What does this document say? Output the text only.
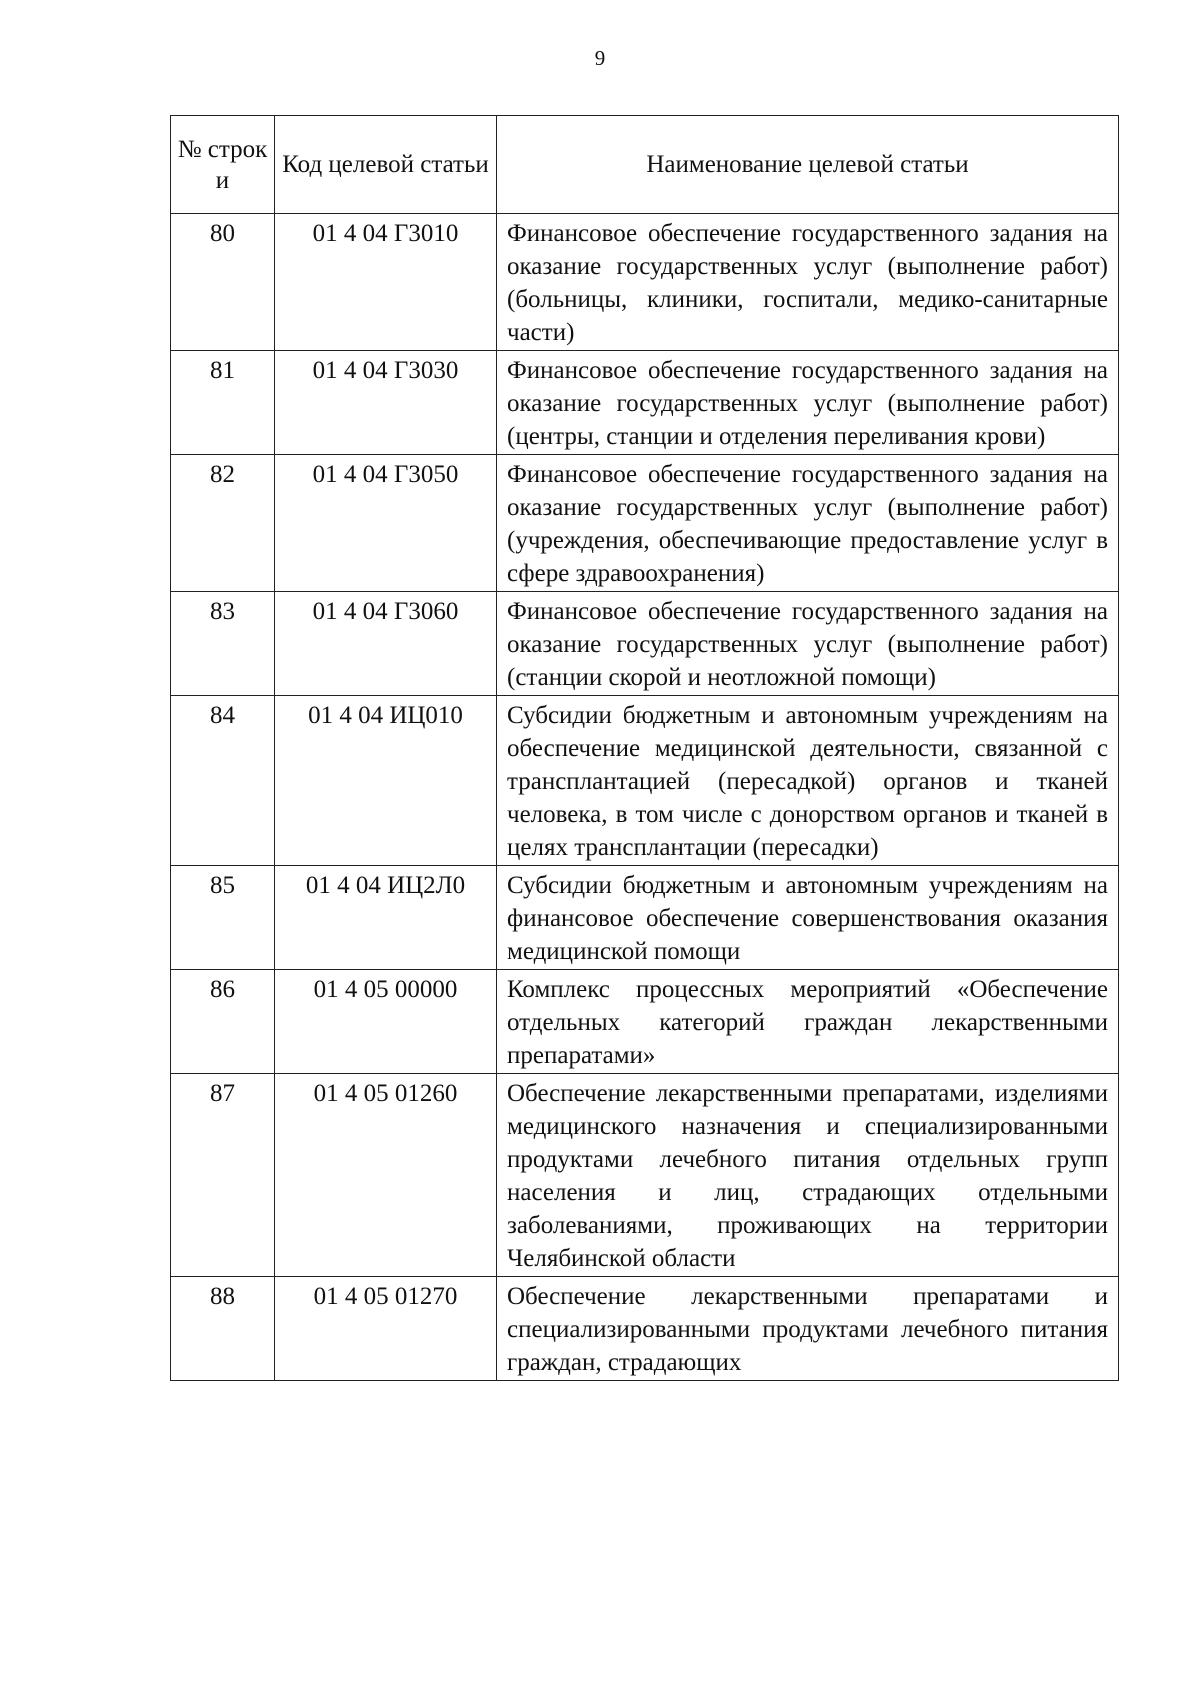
9
№ строк и	Код целевой статьи	Наименование целевой статьи
80	01 4 04 Г3010	Финансовое обеспечение государственного задания на оказание государственных услуг (выполнение работ) (больницы, клиники, госпитали, медико-санитарные части)
81	01 4 04 Г3030	Финансовое обеспечение государственного задания на оказание государственных услуг (выполнение работ) (центры, станции и отделения переливания крови)
82	01 4 04 Г3050	Финансовое обеспечение государственного задания на оказание государственных услуг (выполнение работ) (учреждения, обеспечивающие предоставление услуг в сфере здравоохранения)
83	01 4 04 Г3060	Финансовое обеспечение государственного задания на оказание государственных услуг (выполнение работ) (станции скорой и неотложной помощи)
84	01 4 04 ИЦ010	Субсидии бюджетным и автономным учреждениям на обеспечение медицинской деятельности, связанной с трансплантацией (пересадкой) органов и тканей человека, в том числе с донорством органов и тканей в целях трансплантации (пересадки)
85	01 4 04 ИЦ2Л0	Субсидии бюджетным и автономным учреждениям на финансовое обеспечение совершенствования оказания медицинской помощи
86	01 4 05 00000	Комплекс процессных мероприятий «Обеспечение отдельных категорий граждан лекарственными препаратами»
87	01 4 05 01260	Обеспечение лекарственными препаратами, изделиями медицинского назначения и специализированными продуктами лечебного питания отдельных групп населения и лиц, страдающих отдельными заболеваниями, проживающих на территории Челябинской области
88	01 4 05 01270	Обеспечение лекарственными препаратами и специализированными продуктами лечебного питания граждан, страдающих
